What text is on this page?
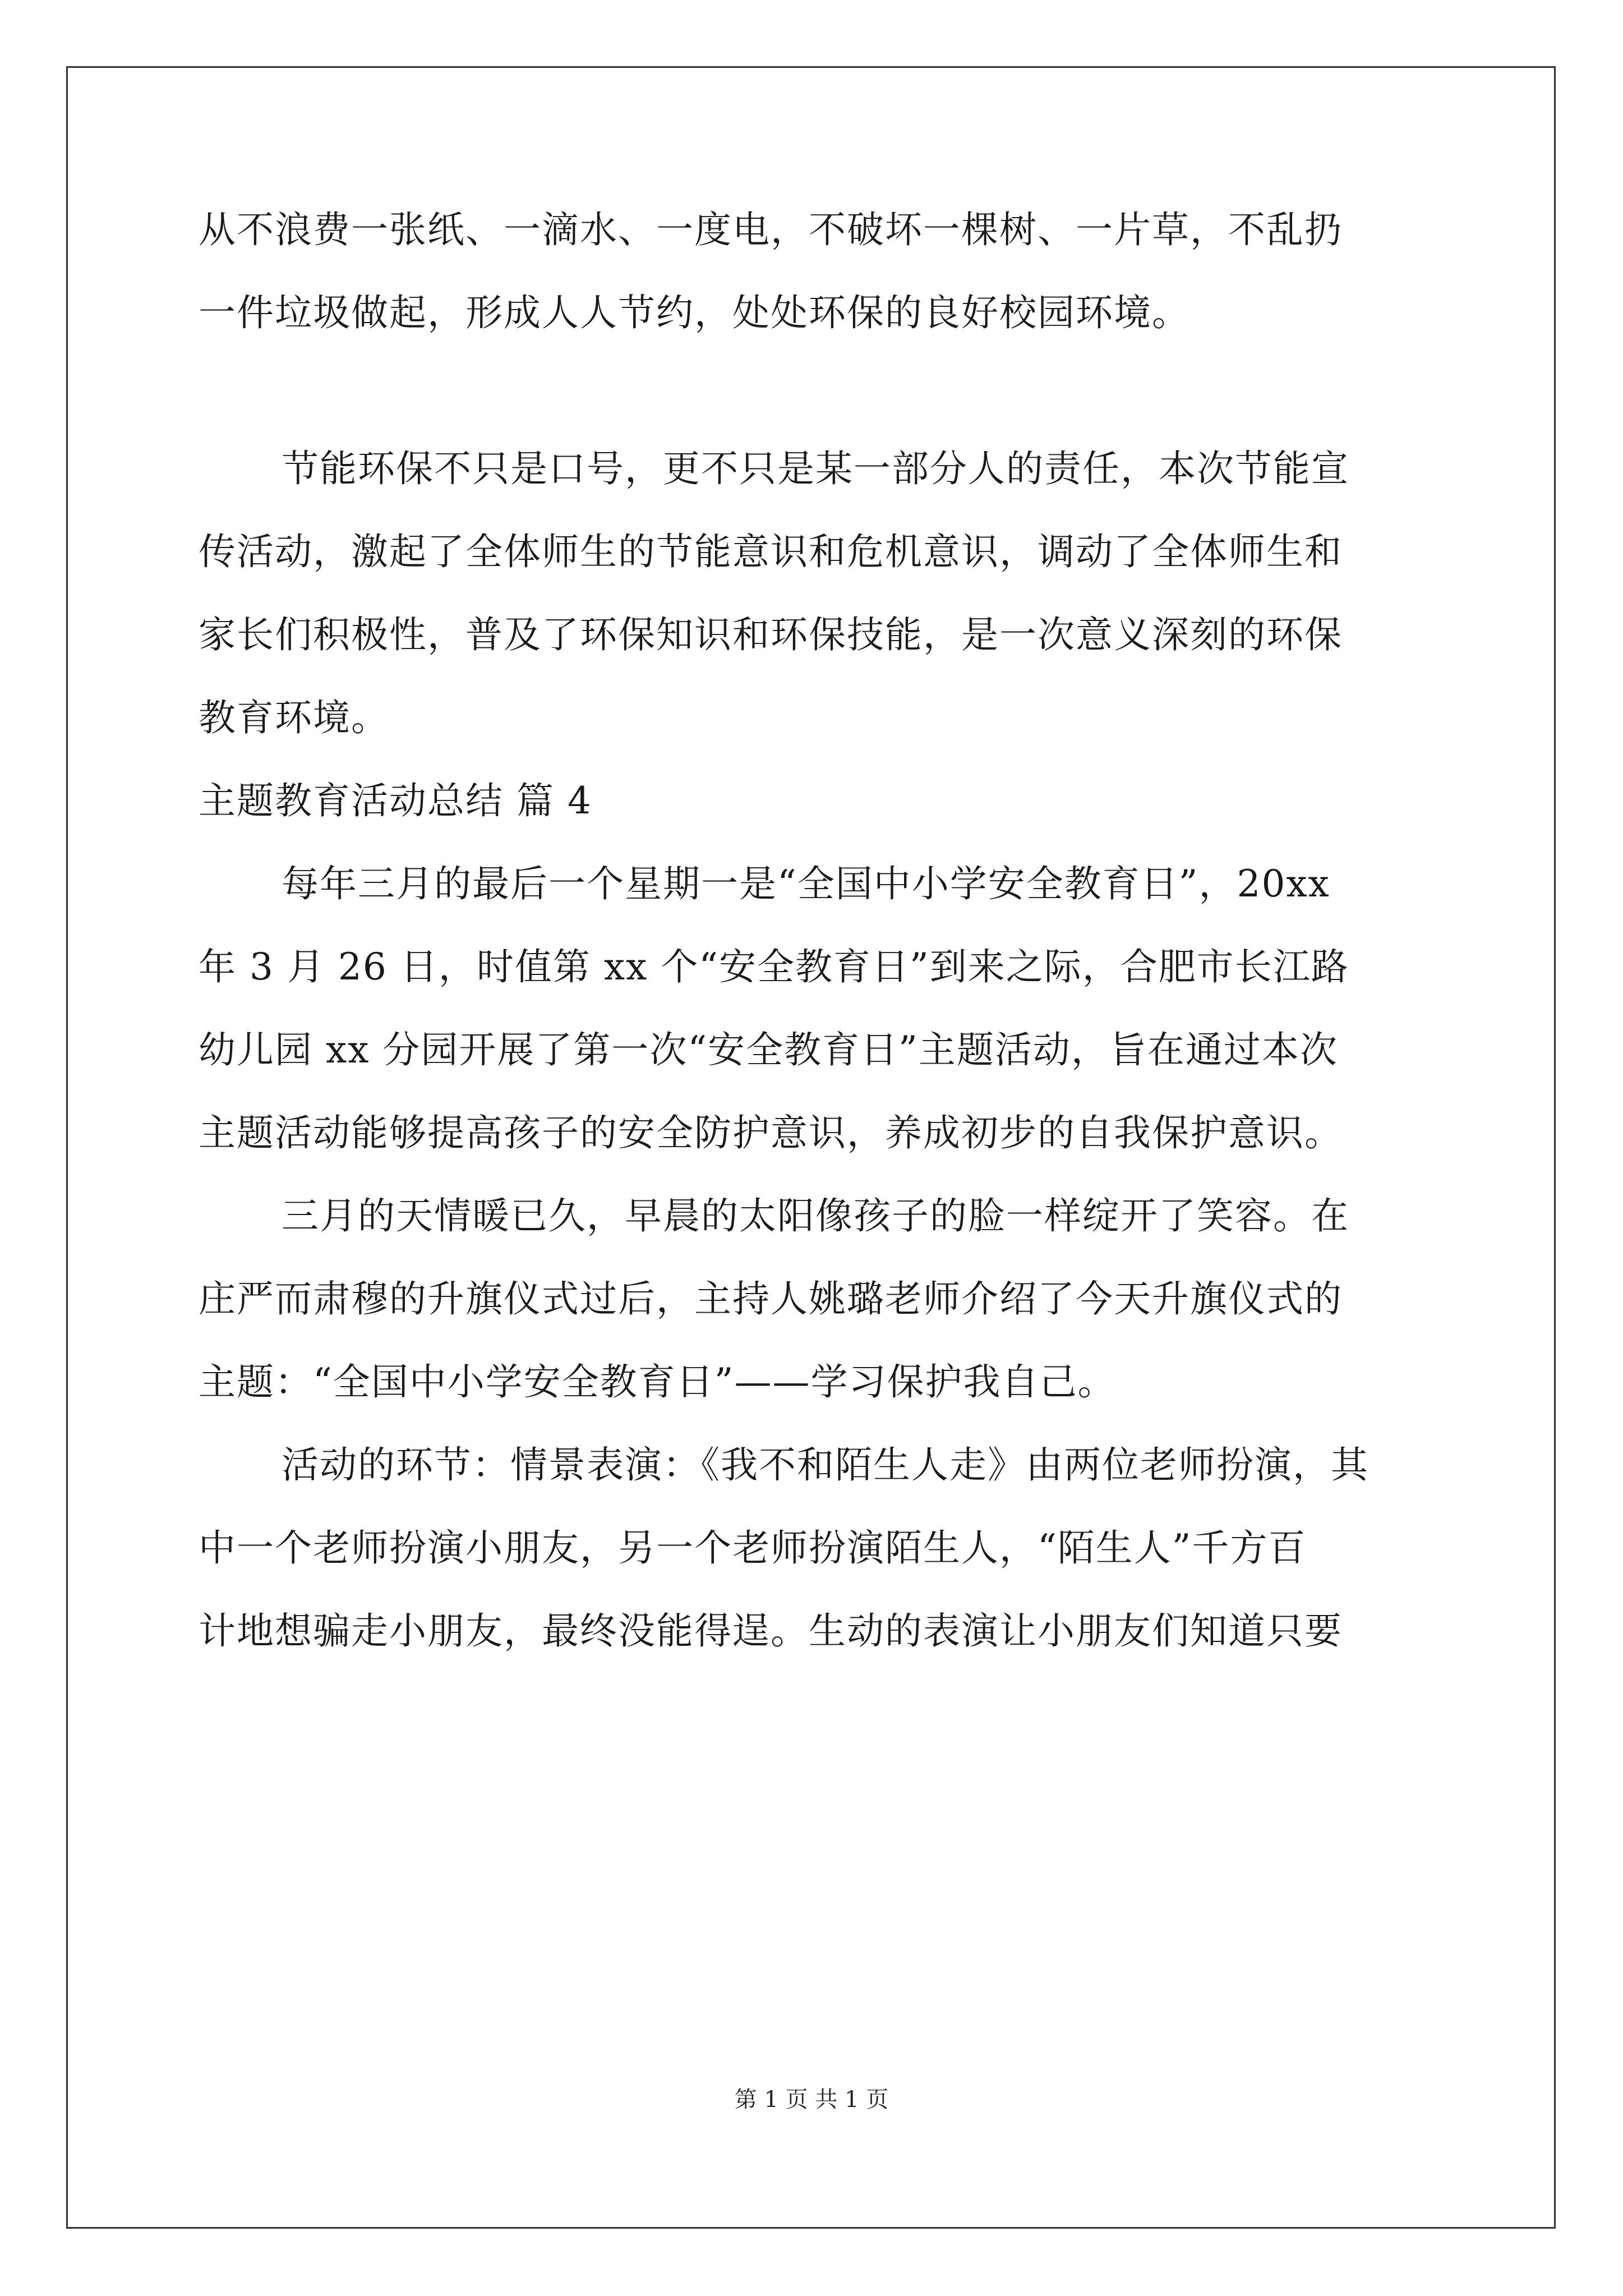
从不浪费一张纸、一滴水、一度电，不破坏一棵树、一片草，不乱扔
一件垃圾做起，形成人人节约，处处环保的良好校园环境。
节能环保不只是口号，更不只是某一部分人的责任，本次节能宣
传活动，激起了全体师生的节能意识和危机意识，调动了全体师生和
家长们积极性，普及了环保知识和环保技能，是一次意义深刻的环保
教育环境。
主题教育活动总结 篇 4
每年三月的最后一个星期一是“全国中小学安全教育日”，20xx
年 3 月 26 日，时值第 xx 个“安全教育日”到来之际，合肥市长江路
幼儿园 xx 分园开展了第一次“安全教育日”主题活动，旨在通过本次
主题活动能够提高孩子的安全防护意识，养成初步的自我保护意识。
三月的天情暖已久，早晨的太阳像孩子的脸一样绽开了笑容。在
庄严而肃穆的升旗仪式过后，主持人姚璐老师介绍了今天升旗仪式的
主题：“全国中小学安全教育日”——学习保护我自己。
活动的环节：情景表演：《我不和陌生人走》由两位老师扮演，其
中一个老师扮演小朋友，另一个老师扮演陌生人，“陌生人”千方百
计地想骗走小朋友，最终没能得逞。生动的表演让小朋友们知道只要
第 1 页 共 1 页
